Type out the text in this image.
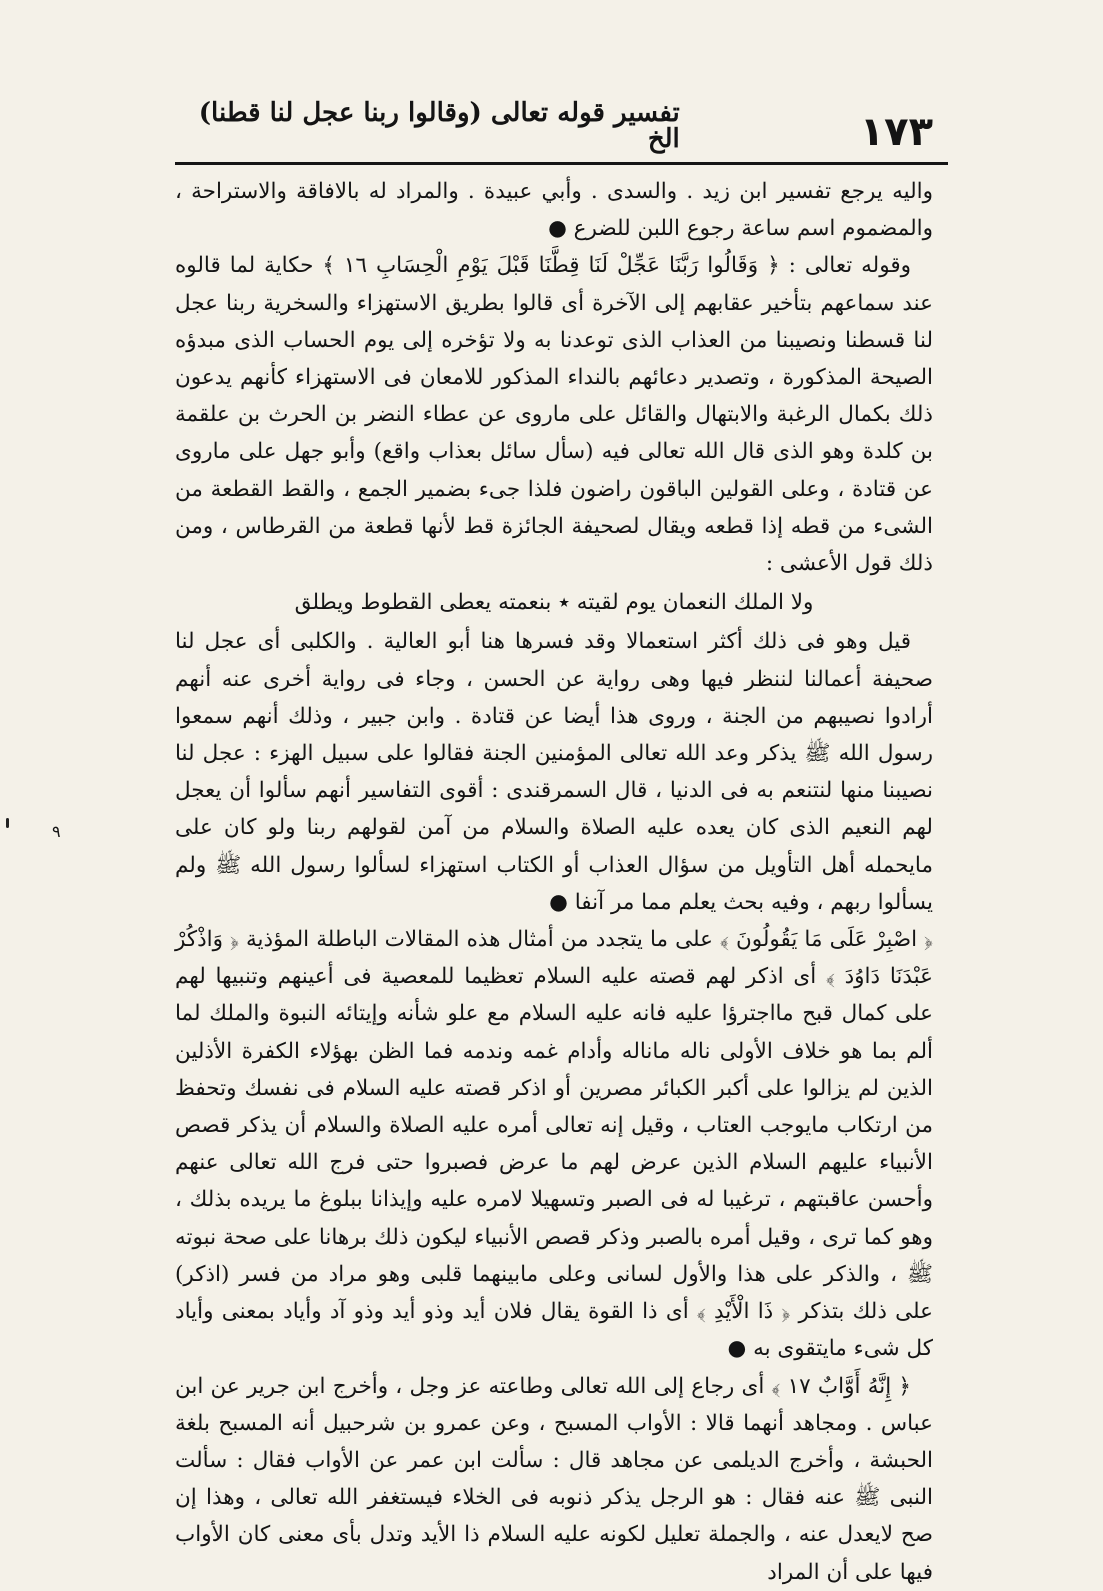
١٧٣
تفسير قوله تعالى (وقالوا ربنا عجل لنا قطنا) الخ

واليه يرجع تفسير ابن زيد . والسدى . وأبي عبيدة . والمراد له بالافاقة والاستراحة ، والمضموم اسم ساعة رجوع اللبن للضرع ●

وقوله تعالى : ﴿ وَقَالُوا رَبَّنَا عَجِّلْ لَنَا قِطَّنَا قَبْلَ يَوْمِ الْحِسَابِ ١٦ ﴾ حكاية لما قالوه عند سماعهم بتأخير عقابهم إلى الآخرة أى قالوا بطريق الاستهزاء والسخرية ربنا عجل لنا قسطنا ونصيبنا من العذاب الذى توعدنا به ولا تؤخره إلى يوم الحساب الذى مبدؤه الصيحة المذكورة ، وتصدير دعائهم بالنداء المذكور للامعان فى الاستهزاء كأنهم يدعون ذلك بكمال الرغبة والابتهال والقائل على ماروى عن عطاء النضر بن الحرث بن علقمة بن كلدة وهو الذى قال الله تعالى فيه (سأل سائل بعذاب واقع) وأبو جهل على ماروى عن قتادة ، وعلى القولين الباقون راضون فلذا جىء بضمير الجمع ، والقط القطعة من الشىء من قطه إذا قطعه ويقال لصحيفة الجائزة قط لأنها قطعة من القرطاس ، ومن ذلك قول الأعشى :

ولا الملك النعمان يوم لقيته ٭ بنعمته يعطى القطوط ويطلق

قيل وهو فى ذلك أكثر استعمالا وقد فسرها هنا أبو العالية . والكلبى أى عجل لنا صحيفة أعمالنا لننظر فيها وهى رواية عن الحسن ، وجاء فى رواية أخرى عنه أنهم أرادوا نصيبهم من الجنة ، وروى هذا أيضا عن قتادة . وابن جبير ، وذلك أنهم سمعوا رسول الله ﷺ يذكر وعد الله تعالى المؤمنين الجنة فقالوا على سبيل الهزء : عجل لنا نصيبنا منها لنتنعم به فى الدنيا ، قال السمرقندى : أقوى التفاسير أنهم سألوا أن يعجل لهم النعيم الذى كان يعده عليه الصلاة والسلام من آمن لقولهم ربنا ولو كان على مايحمله أهل التأويل من سؤال العذاب أو الكتاب استهزاء لسألوا رسول الله ﷺ ولم يسألوا ربهم ، وفيه بحث يعلم مما مر آنفا ●

﴿ اصْبِرْ عَلَى مَا يَقُولُونَ ﴾ على ما يتجدد من أمثال هذه المقالات الباطلة المؤذية ﴿ وَاذْكُرْ عَبْدَنَا دَاوُدَ ﴾ أى اذكر لهم قصته عليه السلام تعظيما للمعصية فى أعينهم وتنبيها لهم على كمال قبح مااجترؤا عليه فانه عليه السلام مع علو شأنه وإيتائه النبوة والملك لما ألم بما هو خلاف الأولى ناله ماناله وأدام غمه وندمه فما الظن بهؤلاء الكفرة الأذلين الذين لم يزالوا على أكبر الكبائر مصرين أو اذكر قصته عليه السلام فى نفسك وتحفظ من ارتكاب مايوجب العتاب ، وقيل إنه تعالى أمره عليه الصلاة والسلام أن يذكر قصص الأنبياء عليهم السلام الذين عرض لهم ما عرض فصبروا حتى فرج الله تعالى عنهم وأحسن عاقبتهم ، ترغيبا له فى الصبر وتسهيلا لامره عليه وإيذانا ببلوغ ما يريده بذلك ، وهو كما ترى ، وقيل أمره بالصبر وذكر قصص الأنبياء ليكون ذلك برهانا على صحة نبوته ﷺ ، والذكر على هذا والأول لسانى وعلى مابينهما قلبى وهو مراد من فسر (اذكر) على ذلك بتذكر ﴿ ذَا الْأَيْدِ ﴾ أى ذا القوة يقال فلان أيد وذو أيد وذو آد وأياد بمعنى وأياد كل شىء مايتقوى به ●

﴿ إِنَّهُ أَوَّابٌ ١٧ ﴾ أى رجاع إلى الله تعالى وطاعته عز وجل ، وأخرج ابن جرير عن ابن عباس . ومجاهد أنهما قالا : الأواب المسبح ، وعن عمرو بن شرحبيل أنه المسبح بلغة الحبشة ، وأخرج الديلمى عن مجاهد قال : سألت ابن عمر عن الأواب فقال : سألت النبى ﷺ عنه فقال : هو الرجل يذكر ذنوبه فى الخلاء فيستغفر الله تعالى ، وهذا إن صح لايعدل عنه ، والجملة تعليل لكونه عليه السلام ذا الأيد وتدل بأى معنى كان الأواب فيها على أن المراد

٩
